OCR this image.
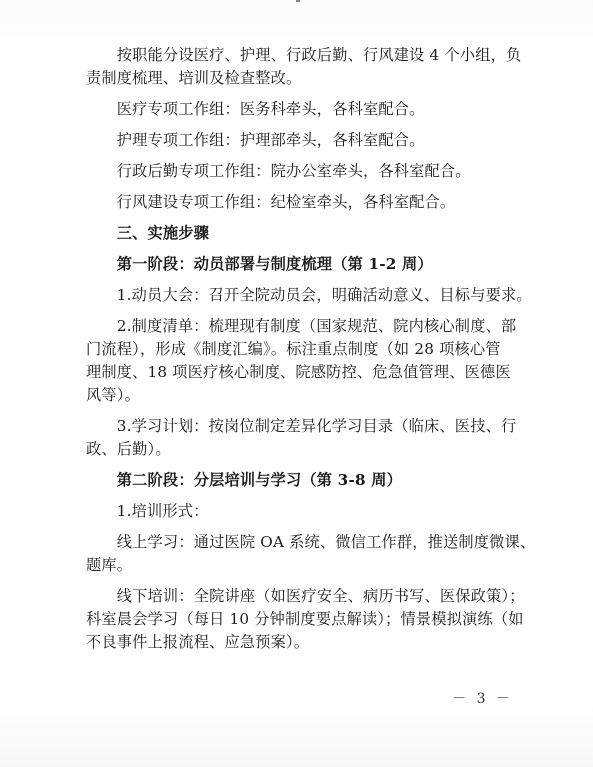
　　按职能分设医疗、护理、行政后勤、行风建设 4 个小组，负
责制度梳理、培训及检查整改。
　　医疗专项工作组：医务科牵头，各科室配合。
　　护理专项工作组：护理部牵头，各科室配合。
　　行政后勤专项工作组：院办公室牵头，各科室配合。
　　行风建设专项工作组：纪检室牵头，各科室配合。
　　三、实施步骤
　　第一阶段：动员部署与制度梳理（第 1-2 周）
　　1.动员大会：召开全院动员会，明确活动意义、目标与要求。
　　2.制度清单：梳理现有制度（国家规范、院内核心制度、部
门流程），形成《制度汇编》。标注重点制度（如 28 项核心管
理制度、18 项医疗核心制度、院感防控、危急值管理、医德医
风等）。
　　3.学习计划：按岗位制定差异化学习目录（临床、医技、行
政、后勤）。
　　第二阶段：分层培训与学习（第 3-8 周）
　　1.培训形式：
　　线上学习：通过医院 OA 系统、微信工作群，推送制度微课、
题库。
　　线下培训：全院讲座（如医疗安全、病历书写、医保政策）；
科室晨会学习（每日 10 分钟制度要点解读）；情景模拟演练（如
不良事件上报流程、应急预案）。
－ 3 －
